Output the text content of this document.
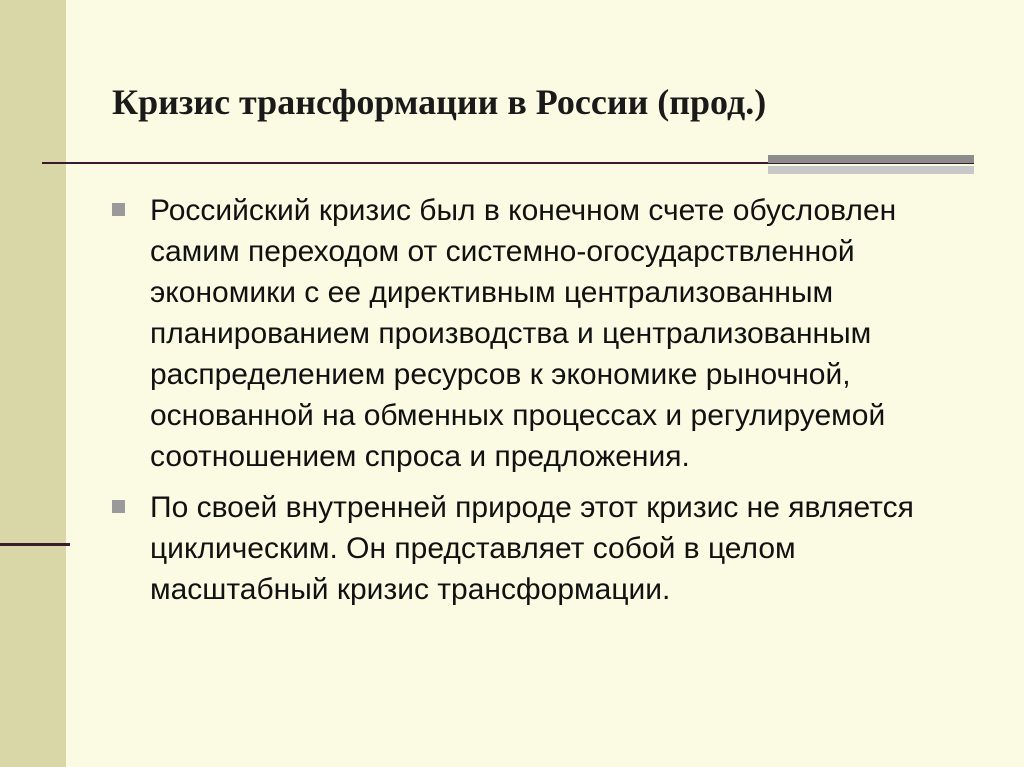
Кризис трансформации в России (прод.)
Российский кризис был в конечном счете обусловлен самим переходом от системно-огосударствленной экономики с ее директивным централизованным планированием производства и централизованным распределением ресурсов к экономике рыночной, основанной на обменных процессах и регулируемой соотношением спроса и предложения.
По своей внутренней природе этот кризис не является циклическим. Он представляет собой в целом масштабный кризис трансформации.
